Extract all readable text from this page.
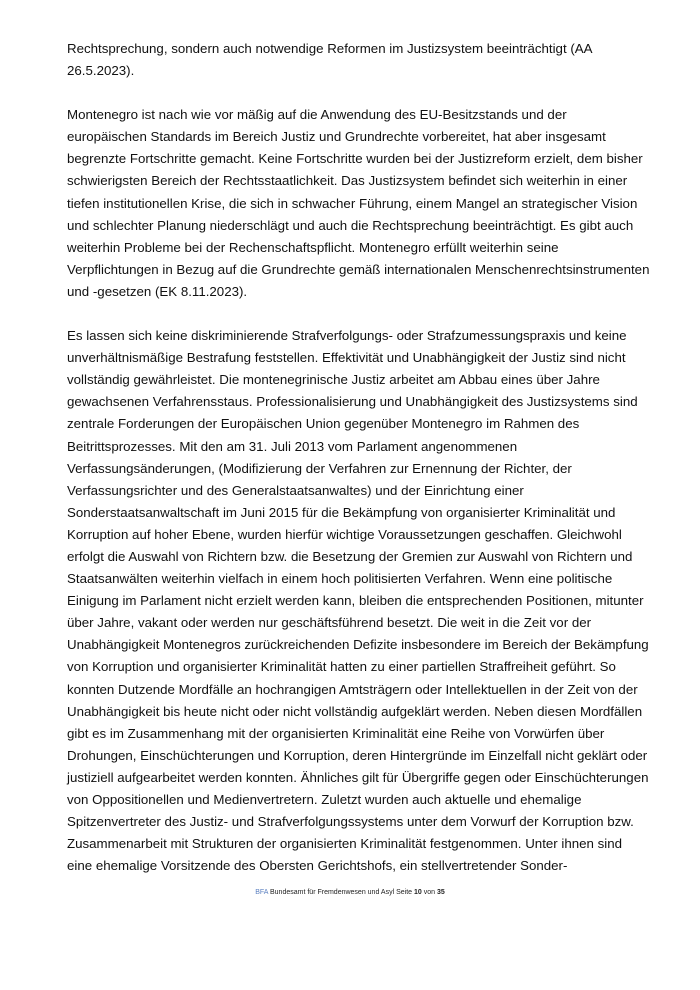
Rechtsprechung, sondern auch notwendige Reformen im Justizsystem beeinträchtigt (AA
26.5.2023).

Montenegro ist nach wie vor mäßig auf die Anwendung des EU-Besitzstands und der
europäischen Standards im Bereich Justiz und Grundrechte vorbereitet, hat aber insgesamt
begrenzte Fortschritte gemacht. Keine Fortschritte wurden bei der Justizreform erzielt, dem bisher
schwierigsten Bereich der Rechtsstaatlichkeit. Das Justizsystem befindet sich weiterhin in einer
tiefen institutionellen Krise, die sich in schwacher Führung, einem Mangel an strategischer Vision
und schlechter Planung niederschlägt und auch die Rechtsprechung beeinträchtigt. Es gibt auch
weiterhin Probleme bei der Rechenschaftspflicht. Montenegro erfüllt weiterhin seine
Verpflichtungen in Bezug auf die Grundrechte gemäß internationalen Menschenrechtsinstrumenten
und -gesetzen (EK 8.11.2023).

Es lassen sich keine diskriminierende Strafverfolgungs- oder Strafzumessungspraxis und keine
unverhältnismäßige Bestrafung feststellen. Effektivität und Unabhängigkeit der Justiz sind nicht
vollständig gewährleistet. Die montenegrinische Justiz arbeitet am Abbau eines über Jahre
gewachsenen Verfahrensstaus. Professionalisierung und Unabhängigkeit des Justizsystems sind
zentrale Forderungen der Europäischen Union gegenüber Montenegro im Rahmen des
Beitrittsprozesses. Mit den am 31. Juli 2013 vom Parlament angenommenen
Verfassungsänderungen, (Modifizierung der Verfahren zur Ernennung der Richter, der
Verfassungsrichter und des Generalstaatsanwaltes) und der Einrichtung einer
Sonderstaatsanwaltschaft im Juni 2015 für die Bekämpfung von organisierter Kriminalität und
Korruption auf hoher Ebene, wurden hierfür wichtige Voraussetzungen geschaffen. Gleichwohl
erfolgt die Auswahl von Richtern bzw. die Besetzung der Gremien zur Auswahl von Richtern und
Staatsanwälten weiterhin vielfach in einem hoch politisierten Verfahren. Wenn eine politische
Einigung im Parlament nicht erzielt werden kann, bleiben die entsprechenden Positionen, mitunter
über Jahre, vakant oder werden nur geschäftsführend besetzt. Die weit in die Zeit vor der
Unabhängigkeit Montenegros zurückreichenden Defizite insbesondere im Bereich der Bekämpfung
von Korruption und organisierter Kriminalität hatten zu einer partiellen Straffreiheit geführt. So
konnten Dutzende Mordfälle an hochrangigen Amtsträgern oder Intellektuellen in der Zeit von der
Unabhängigkeit bis heute nicht oder nicht vollständig aufgeklärt werden. Neben diesen Mordfällen
gibt es im Zusammenhang mit der organisierten Kriminalität eine Reihe von Vorwürfen über
Drohungen, Einschüchterungen und Korruption, deren Hintergründe im Einzelfall nicht geklärt oder
justiziell aufgearbeitet werden konnten. Ähnliches gilt für Übergriffe gegen oder Einschüchterungen
von Oppositionellen und Medienvertretern. Zuletzt wurden auch aktuelle und ehemalige
Spitzenvertreter des Justiz- und Strafverfolgungssystems unter dem Vorwurf der Korruption bzw.
Zusammenarbeit mit Strukturen der organisierten Kriminalität festgenommen. Unter ihnen sind
eine ehemalige Vorsitzende des Obersten Gerichtshofs, ein stellvertretender Sonder-

BFA Bundesamt für Fremdenwesen und Asyl Seite 10 von 35
